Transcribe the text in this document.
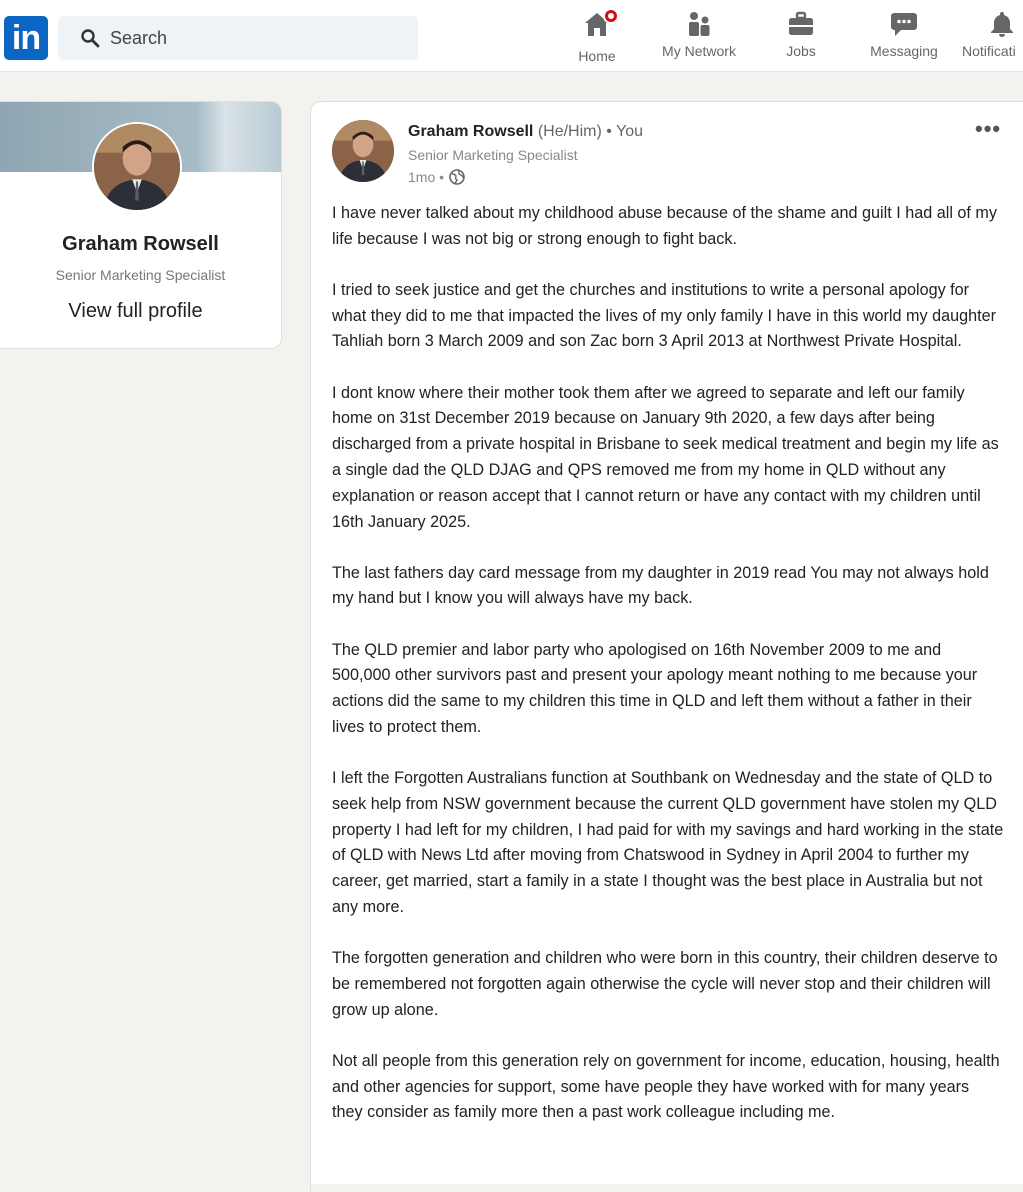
in
Search	Home	My Network	Jobs	Messaging Notificati
Graham Rowsell
Senior Marketing Specialist
View full profile
Graham Rowsell (He/Him) • You
Senior Marketing Specialist
1mo •
•••

I have never talked about my childhood abuse because of the shame and guilt I had all of my life because I was not big or strong enough to fight back.

I tried to seek justice and get the churches and institutions to write a personal apology for what they did to me that impacted the lives of my only family I have in this world my daughter Tahliah born 3 March 2009 and son Zac born 3 April 2013 at Northwest Private Hospital.

I dont know where their mother took them after we agreed to separate and left our family home on 31st December 2019 because on January 9th 2020, a few days after being discharged from a private hospital in Brisbane to seek medical treatment and begin my life as a single dad the QLD DJAG and QPS removed me from my home in QLD without any explanation or reason accept that I cannot return or have any contact with my children until 16th January 2025.

The last fathers day card message from my daughter in 2019 read You may not always hold my hand but I know you will always have my back.

The QLD premier and labor party who apologised on 16th November 2009 to me and 500,000 other survivors past and present your apology meant nothing to me because your actions did the same to my children this time in QLD and left them without a father in their lives to protect them.

I left the Forgotten Australians function at Southbank on Wednesday and the state of QLD to seek help from NSW government because the current QLD government have stolen my QLD property I had left for my children, I had paid for with my savings and hard working in the state of QLD with News Ltd after moving from Chatswood in Sydney in April 2004 to further my career, get married, start a family in a state I thought was the best place in Australia but not any more.

The forgotten generation and children who were born in this country, their children deserve to be remembered not forgotten again otherwise the cycle will never stop and their children will grow up alone.

Not all people from this generation rely on government for income, education, housing, health and other agencies for support, some have people they have worked with for many years they consider as family more then a past work colleague including me.
